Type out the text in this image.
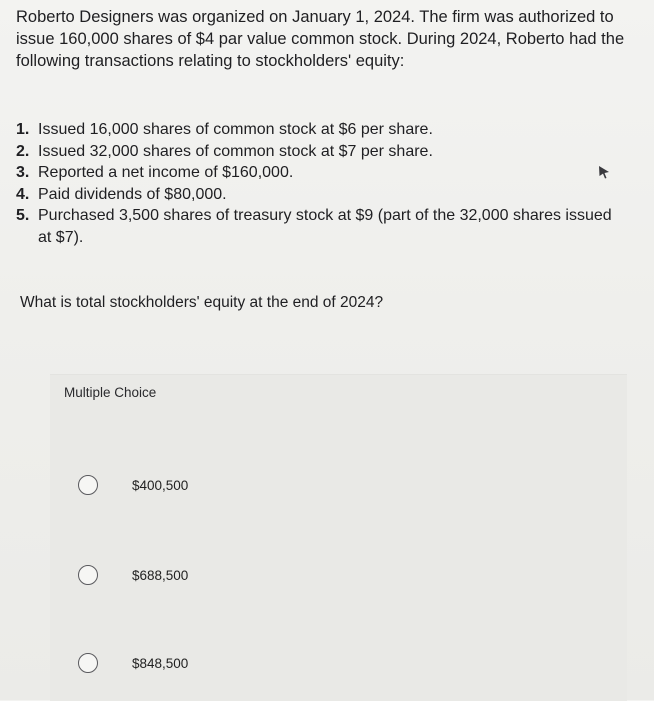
Roberto Designers was organized on January 1, 2024. The firm was authorized to issue 160,000 shares of $4 par value common stock. During 2024, Roberto had the following transactions relating to stockholders' equity:

1. Issued 16,000 shares of common stock at $6 per share.
2. Issued 32,000 shares of common stock at $7 per share.
3. Reported a net income of $160,000.
4. Paid dividends of $80,000.
5. Purchased 3,500 shares of treasury stock at $9 (part of the 32,000 shares issued at $7).

What is total stockholders' equity at the end of 2024?

Multiple Choice
$400,500
$688,500
$848,500
